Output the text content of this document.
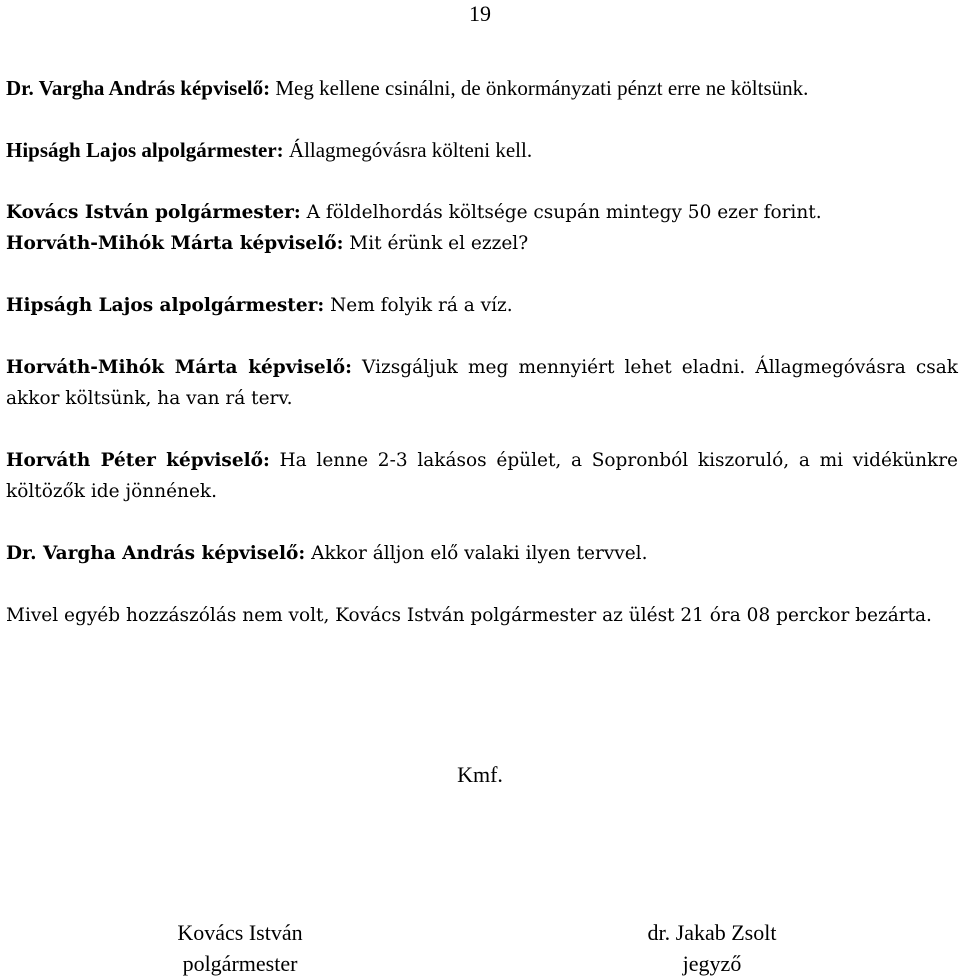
19

Dr. Vargha András képviselő: Meg kellene csinálni, de önkormányzati pénzt erre ne költsünk.

Hipságh Lajos alpolgármester: Állagmegóvásra költeni kell.

Kovács István polgármester: A földelhordás költsége csupán mintegy 50 ezer forint.

Horváth-Mihók Márta képviselő: Mit érünk el ezzel?

Hipságh Lajos alpolgármester: Nem folyik rá a víz.

Horváth-Mihók Márta képviselő: Vizsgáljuk meg mennyiért lehet eladni. Állagmegóvásra csak akkor költsünk, ha van rá terv.

Horváth Péter képviselő: Ha lenne 2-3 lakásos épület, a Sopronból kiszoruló, a mi vidékünkre költözők ide jönnének.

Dr. Vargha András képviselő: Akkor álljon elő valaki ilyen tervvel.

Mivel egyéb hozzászólás nem volt, Kovács István polgármester az ülést 21 óra 08 perckor bezárta.

Kmf.
Kovács István
polgármester
dr. Jakab Zsolt
jegyző
